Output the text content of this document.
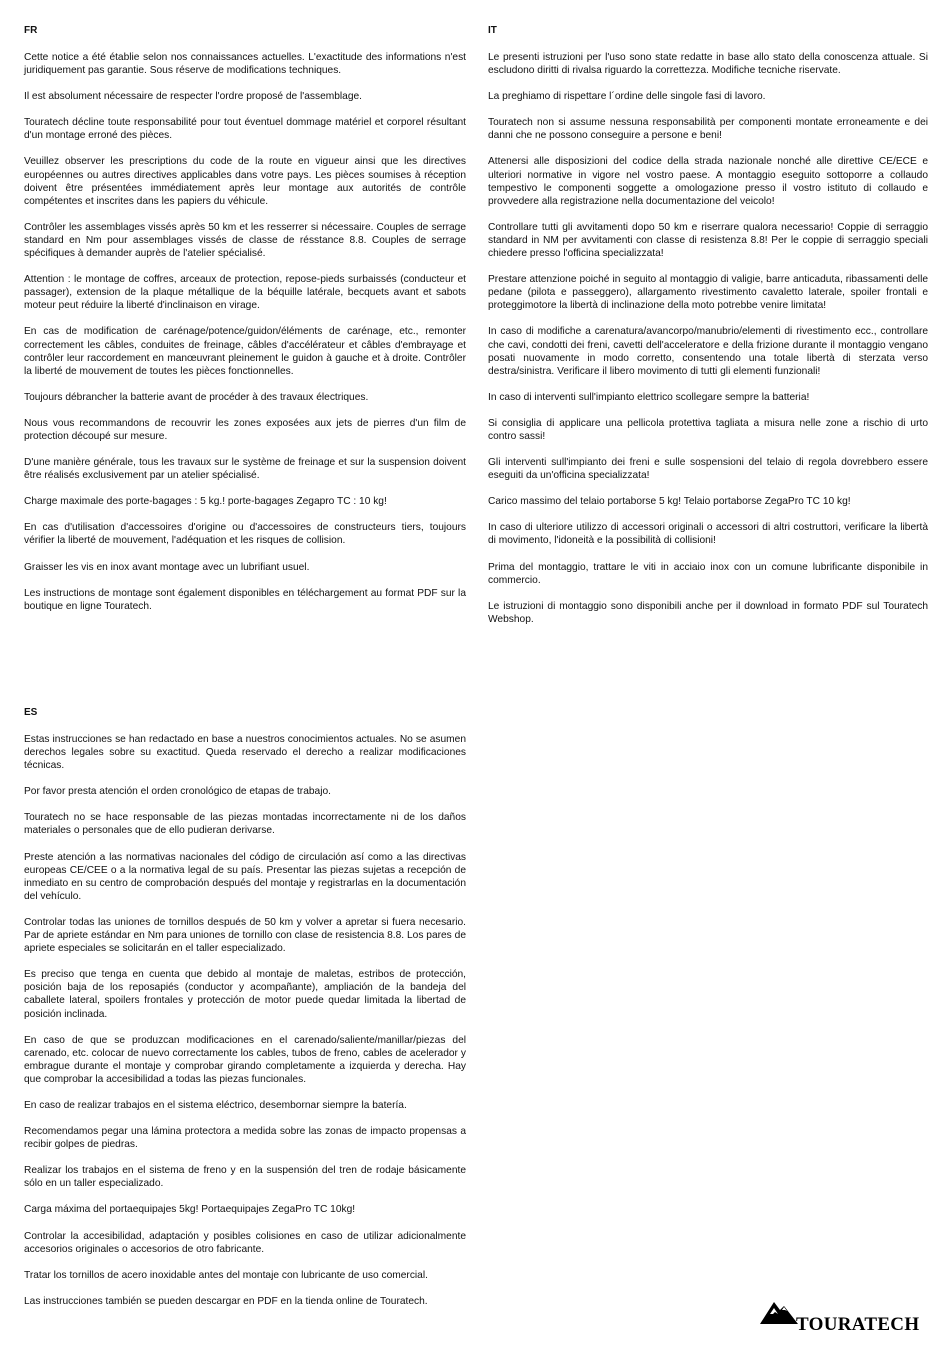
FR

Cette notice a été établie selon nos connaissances actuelles. L'exactitude des informations n'est juridiquement pas garantie. Sous réserve de modifications techniques.

Il est absolument nécessaire de respecter l'ordre proposé de l'assemblage.

Touratech décline toute responsabilité pour tout éventuel dommage matériel et corporel résultant d'un montage erroné des pièces.

Veuillez observer les prescriptions du code de la route en vigueur ainsi que les directives européennes ou autres directives applicables dans votre pays. Les pièces soumises à réception doivent être présentées immédiatement après leur montage aux autorités de contrôle compétentes et inscrites dans les papiers du véhicule.

Contrôler les assemblages vissés après 50 km et les resserrer si nécessaire. Couples de serrage standard en Nm pour assemblages vissés de classe de résstance 8.8. Couples de serrage spécifiques à demander auprès de l'atelier spécialisé.

Attention : le montage de coffres, arceaux de protection, repose-pieds surbaissés (conducteur et passager), extension de la plaque métallique de la béquille latérale, becquets avant et sabots moteur peut réduire la liberté d'inclinaison en virage.

En cas de modification de carénage/potence/guidon/éléments de carénage, etc., remonter correctement les câbles, conduites de freinage, câbles d'accélérateur et câbles d'embrayage et contrôler leur raccordement en manœuvrant pleinement le guidon à gauche et à droite. Contrôler la liberté de mouvement de toutes les pièces fonctionnelles.

Toujours débrancher la batterie avant de procéder à des travaux électriques.

Nous vous recommandons de recouvrir les zones exposées aux jets de pierres d'un film de protection découpé sur mesure.

D'une manière générale, tous les travaux sur le système de freinage et sur la suspension doivent être réalisés exclusivement par un atelier spécialisé.

Charge maximale des porte-bagages : 5 kg.! porte-bagages Zegapro TC : 10 kg!

En cas d'utilisation d'accessoires d'origine ou d'accessoires de constructeurs tiers, toujours vérifier la liberté de mouvement, l'adéquation et les risques de collision.

Graisser les vis en inox avant montage avec un lubrifiant usuel.

Les instructions de montage sont également disponibles en téléchargement au format PDF sur la boutique en ligne Touratech.

IT

Le presenti istruzioni per l'uso sono state redatte in base allo stato della conoscenza attuale. Si escludono diritti di rivalsa riguardo la correttezza. Modifiche tecniche riservate.

La preghiamo di rispettare l´ordine delle singole fasi di lavoro.

Touratech non si assume nessuna responsabilità per componenti montate erroneamente e dei danni che ne possono conseguire a persone e beni!

Attenersi alle disposizioni del codice della strada nazionale nonché alle direttive CE/ECE e ulteriori normative in vigore nel vostro paese. A montaggio eseguito sottoporre a collaudo tempestivo le componenti soggette a omologazione presso il vostro istituto di collaudo e provvedere alla registrazione nella documentazione del veicolo!

Controllare tutti gli avvitamenti dopo 50 km e riserrare qualora necessario! Coppie di serraggio standard in NM per avvitamenti con classe di resistenza 8.8! Per le coppie di serraggio speciali chiedere presso l'officina specializzata!

Prestare attenzione poiché in seguito al montaggio di valigie, barre anticaduta, ribassamenti delle pedane (pilota e passeggero), allargamento rivestimento cavaletto laterale, spoiler frontali e proteggimotore la libertà di inclinazione della moto potrebbe venire limitata!

In caso di modifiche a carenatura/avancorpo/manubrio/elementi di rivestimento ecc., controllare che cavi, condotti dei freni, cavetti dell'acceleratore e della frizione durante il montaggio vengano posati nuovamente in modo corretto, consentendo una totale libertà di sterzata verso destra/sinistra. Verificare il libero movimento di tutti gli elementi funzionali!

In caso di interventi sull'impianto elettrico scollegare sempre la batteria!

Si consiglia di applicare una pellicola protettiva tagliata a misura nelle zone a rischio di urto contro sassi!

Gli interventi sull'impianto dei freni e sulle sospensioni del telaio di regola dovrebbero essere eseguiti da un'officina specializzata!

Carico massimo del telaio portaborse 5 kg! Telaio portaborse ZegaPro TC 10 kg!

In caso di ulteriore utilizzo di accessori originali o accessori di altri costruttori, verificare la libertà di movimento, l'idoneità e la possibilità di collisioni!

Prima del montaggio, trattare le viti in acciaio inox con un comune lubrificante disponibile in commercio.

Le istruzioni di montaggio sono disponibili anche per il download in formato PDF sul Touratech Webshop.

ES

Estas instrucciones se han redactado en base a nuestros conocimientos actuales. No se asumen derechos legales sobre su exactitud. Queda reservado el derecho a realizar modificaciones técnicas.

Por favor presta atención el orden cronológico de etapas de trabajo.

Touratech no se hace responsable de las piezas montadas incorrectamente ni de los daños materiales o personales que de ello pudieran derivarse.

Preste atención a las normativas nacionales del código de circulación así como a las directivas europeas CE/CEE o a la normativa legal de su país. Presentar las piezas sujetas a recepción de inmediato en su centro de comprobación después del montaje y registrarlas en la documentación del vehículo.

Controlar todas las uniones de tornillos después de 50 km y volver a apretar si fuera necesario. Par de apriete estándar en Nm para uniones de tornillo con clase de resistencia 8.8. Los pares de apriete especiales se solicitarán en el taller especializado.

Es preciso que tenga en cuenta que debido al montaje de maletas, estribos de protección, posición baja de los reposapiés (conductor y acompañante), ampliación de la bandeja del caballete lateral, spoilers frontales y protección de motor puede quedar limitada la libertad de posición inclinada.

En caso de que se produzcan modificaciones en el carenado/saliente/manillar/piezas del carenado, etc. colocar de nuevo correctamente los cables, tubos de freno, cables de acelerador y embrague durante el montaje y comprobar girando completamente a izquierda y derecha. Hay que comprobar la accesibilidad a todas las piezas funcionales.

En caso de realizar trabajos en el sistema eléctrico, desembornar siempre la batería.

Recomendamos pegar una lámina protectora a medida sobre las zonas de impacto propensas a recibir golpes de piedras.

Realizar los trabajos en el sistema de freno y en la suspensión del tren de rodaje básicamente sólo en un taller especializado.

Carga máxima del portaequipajes 5kg! Portaequipajes ZegaPro TC 10kg!

Controlar la accesibilidad, adaptación y posibles colisiones en caso de utilizar adicionalmente accesorios originales o accesorios de otro fabricante.

Tratar los tornillos de acero inoxidable antes del montaje con lubricante de uso comercial.

Las instrucciones también se pueden descargar en PDF en la tienda online de Touratech.

TOURATECH
